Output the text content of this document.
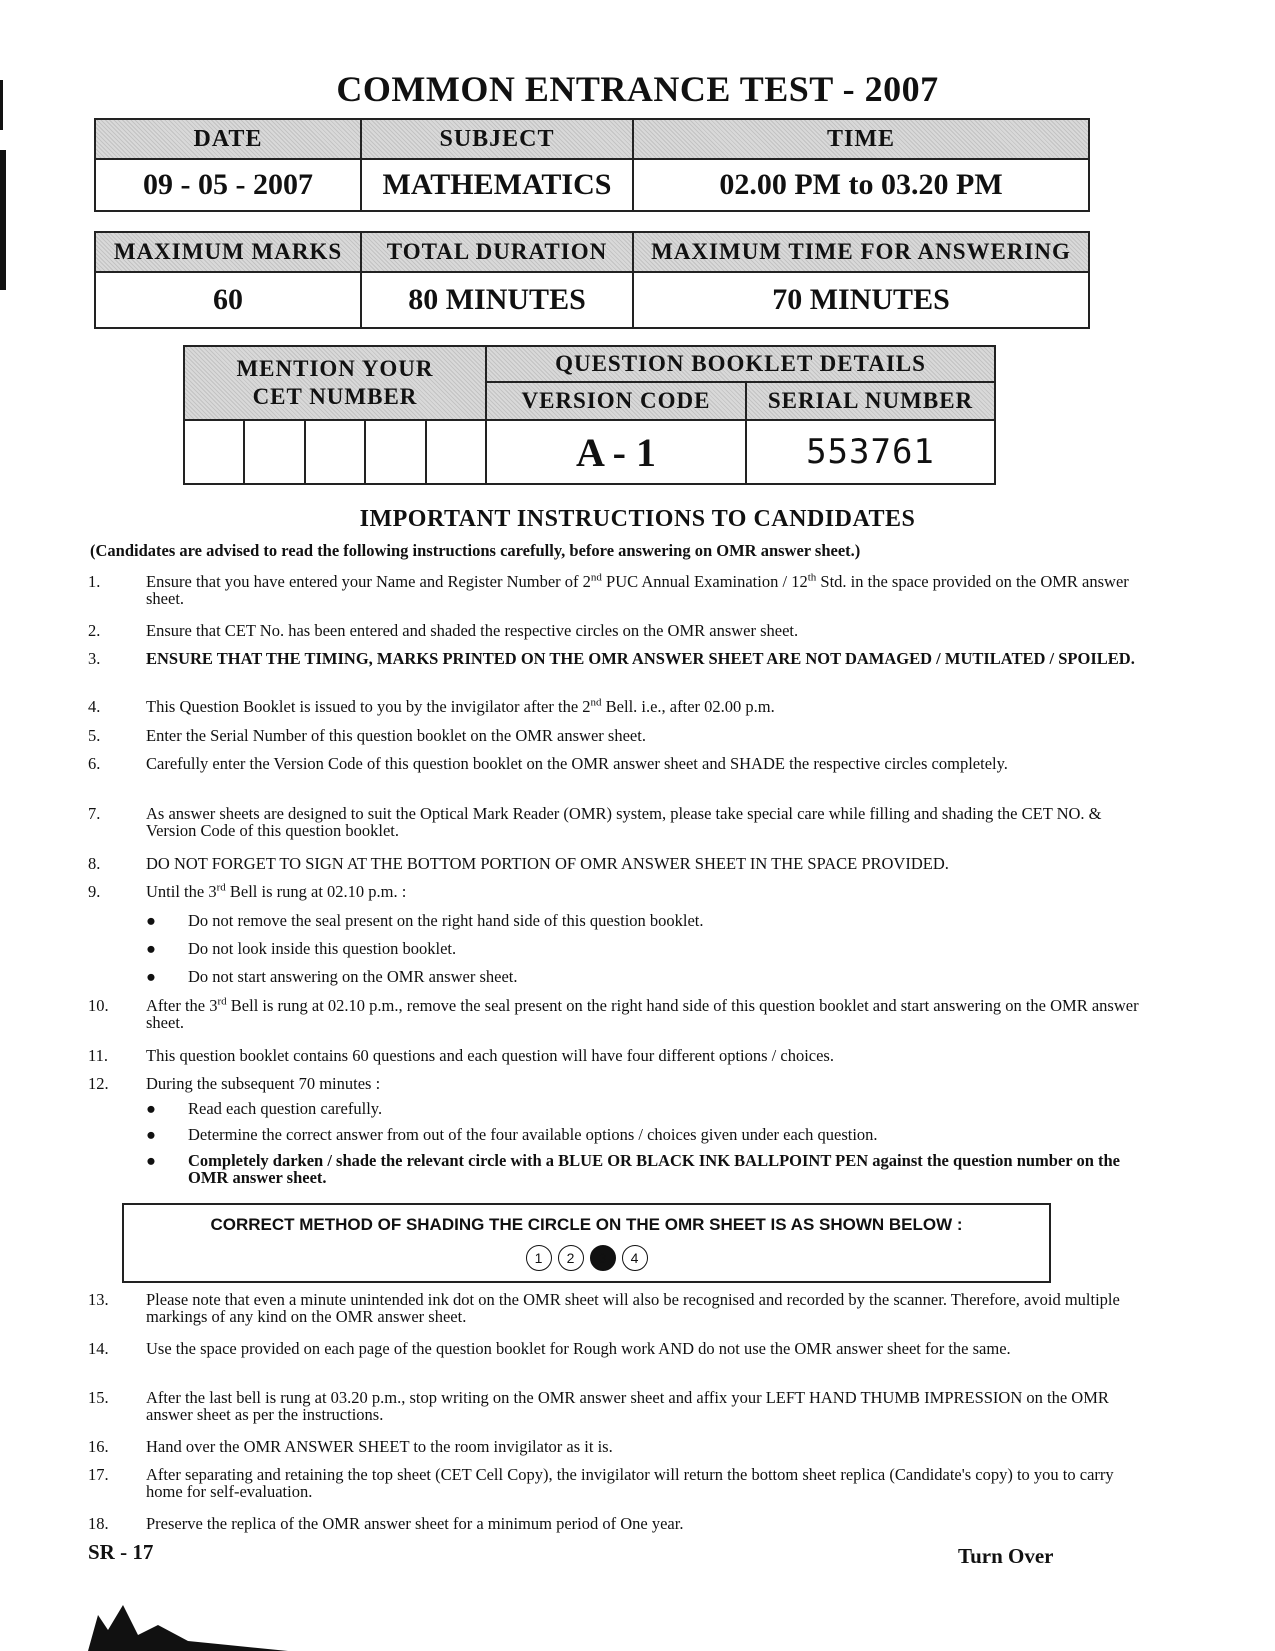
COMMON ENTRANCE TEST - 2007
DATE	SUBJECT	TIME
09 - 05 - 2007	MATHEMATICS	02.00 PM to 03.20 PM
MAXIMUM MARKS	TOTAL DURATION	MAXIMUM TIME FOR ANSWERING
60	80 MINUTES	70 MINUTES
MENTION YOUR
CET NUMBER	QUESTION BOOKLET DETAILS	
	VERSION CODE	SERIAL NUMBER

	A - 1	553761
IMPORTANT INSTRUCTIONS TO CANDIDATES
(Candidates are advised to read the following instructions carefully, before answering on OMR answer sheet.)
1.	Ensure that you have entered your Name and Register Number of 2nd PUC Annual Examination / 12th Std. in the space provided on the OMR answer sheet.
2.	Ensure that CET No. has been entered and shaded the respective circles on the OMR answer sheet.
3.	ENSURE THAT THE TIMING, MARKS PRINTED ON THE OMR ANSWER SHEET ARE NOT DAMAGED / MUTILATED / SPOILED.
4.	This Question Booklet is issued to you by the invigilator after the 2nd Bell. i.e., after 02.00 p.m.
5.	Enter the Serial Number of this question booklet on the OMR answer sheet.
6.	Carefully enter the Version Code of this question booklet on the OMR answer sheet and SHADE the respective circles completely.
7.	As answer sheets are designed to suit the Optical Mark Reader (OMR) system, please take special care while filling and shading the CET NO. & Version Code of this question booklet.
8.	DO NOT FORGET TO SIGN AT THE BOTTOM PORTION OF OMR ANSWER SHEET IN THE SPACE PROVIDED.
9.	Until the 3rd Bell is rung at 02.10 p.m. :
●	Do not remove the seal present on the right hand side of this question booklet.
●	Do not look inside this question booklet.
●	Do not start answering on the OMR answer sheet.
10.	After the 3rd Bell is rung at 02.10 p.m., remove the seal present on the right hand side of this question booklet and start answering on the OMR answer sheet.
11.	This question booklet contains 60 questions and each question will have four different options / choices.
12.	During the subsequent 70 minutes :
●	Read each question carefully.
●	Determine the correct answer from out of the four available options / choices given under each question.
●	Completely darken / shade the relevant circle with a BLUE OR BLACK INK BALLPOINT PEN against the question number on the OMR answer sheet.
13.	Please note that even a minute unintended ink dot on the OMR sheet will also be recognised and recorded by the scanner. Therefore, avoid multiple markings of any kind on the OMR answer sheet.
14.	Use the space provided on each page of the question booklet for Rough work AND do not use the OMR answer sheet for the same.
15.	After the last bell is rung at 03.20 p.m., stop writing on the OMR answer sheet and affix your LEFT HAND THUMB IMPRESSION on the OMR answer sheet as per the instructions.
16.	Hand over the OMR ANSWER SHEET to the room invigilator as it is.
17.	After separating and retaining the top sheet (CET Cell Copy), the invigilator will return the bottom sheet replica (Candidate's copy) to you to carry home for self-evaluation.
18.	Preserve the replica of the OMR answer sheet for a minimum period of One year.
CORRECT METHOD OF SHADING THE CIRCLE ON THE OMR SHEET IS AS SHOWN BELOW :
1	2	3	4
SR - 17	Turn Over
